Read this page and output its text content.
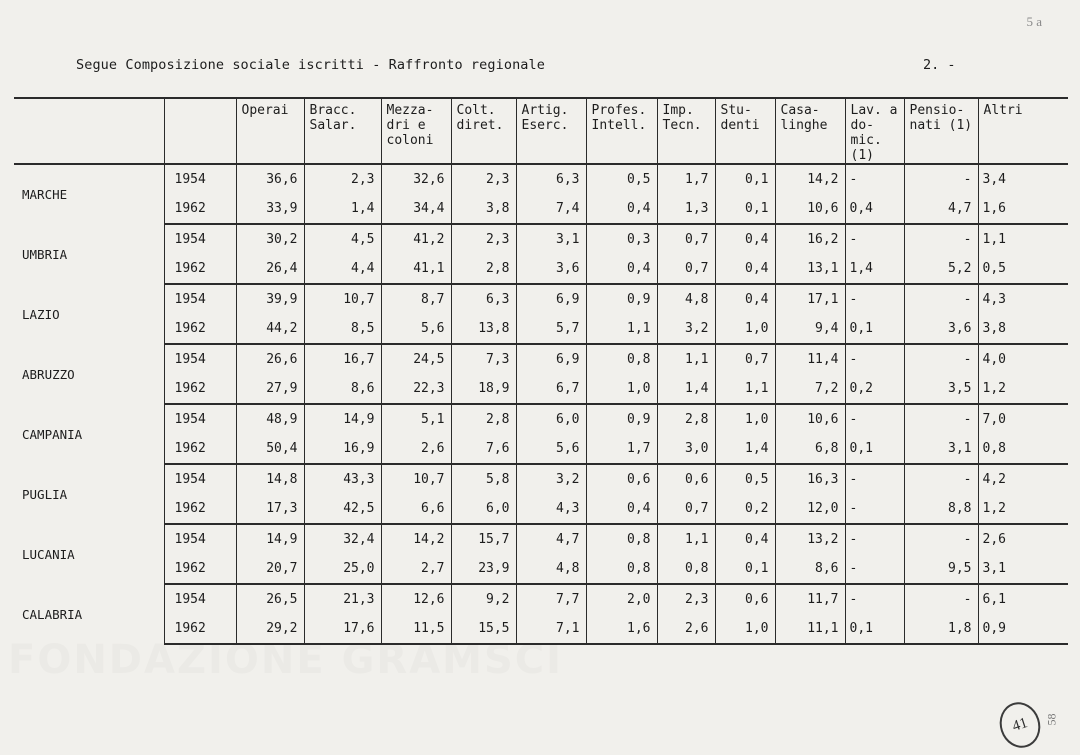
5 a
58
41
Segue Composizione sociale iscritti - Raffronto regionale	2. -
FONDAZIONE GRAMSCI
		Operai	Bracc. Salar.	Mezza- dri e coloni	Colt. diret.	Artig. Eserc.	Profes. Intell.	Imp. Tecn.	Stu- denti	Casa- linghe	Lav. a do- mic.(1)	Pensio- nati (1)	Altri
MARCHE	1954	36,6	2,3	32,6	2,3	6,3	0,5	1,7	0,1	14,2	-	-	3,4
	1962	33,9	1,4	34,4	3,8	7,4	0,4	1,3	0,1	10,6	0,4	4,7	1,6
UMBRIA	1954	30,2	4,5	41,2	2,3	3,1	0,3	0,7	0,4	16,2	-	-	1,1
	1962	26,4	4,4	41,1	2,8	3,6	0,4	0,7	0,4	13,1	1,4	5,2	0,5
LAZIO	1954	39,9	10,7	8,7	6,3	6,9	0,9	4,8	0,4	17,1	-	-	4,3
	1962	44,2	8,5	5,6	13,8	5,7	1,1	3,2	1,0	9,4	0,1	3,6	3,8
ABRUZZO	1954	26,6	16,7	24,5	7,3	6,9	0,8	1,1	0,7	11,4	-	-	4,0
	1962	27,9	8,6	22,3	18,9	6,7	1,0	1,4	1,1	7,2	0,2	3,5	1,2
CAMPANIA	1954	48,9	14,9	5,1	2,8	6,0	0,9	2,8	1,0	10,6	-	-	7,0
	1962	50,4	16,9	2,6	7,6	5,6	1,7	3,0	1,4	6,8	0,1	3,1	0,8
PUGLIA	1954	14,8	43,3	10,7	5,8	3,2	0,6	0,6	0,5	16,3	-	-	4,2
	1962	17,3	42,5	6,6	6,0	4,3	0,4	0,7	0,2	12,0	-	8,8	1,2
LUCANIA	1954	14,9	32,4	14,2	15,7	4,7	0,8	1,1	0,4	13,2	-	-	2,6
	1962	20,7	25,0	2,7	23,9	4,8	0,8	0,8	0,1	8,6	-	9,5	3,1
CALABRIA	1954	26,5	21,3	12,6	9,2	7,7	2,0	2,3	0,6	11,7	-	-	6,1
	1962	29,2	17,6	11,5	15,5	7,1	1,6	2,6	1,0	11,1	0,1	1,8	0,9
